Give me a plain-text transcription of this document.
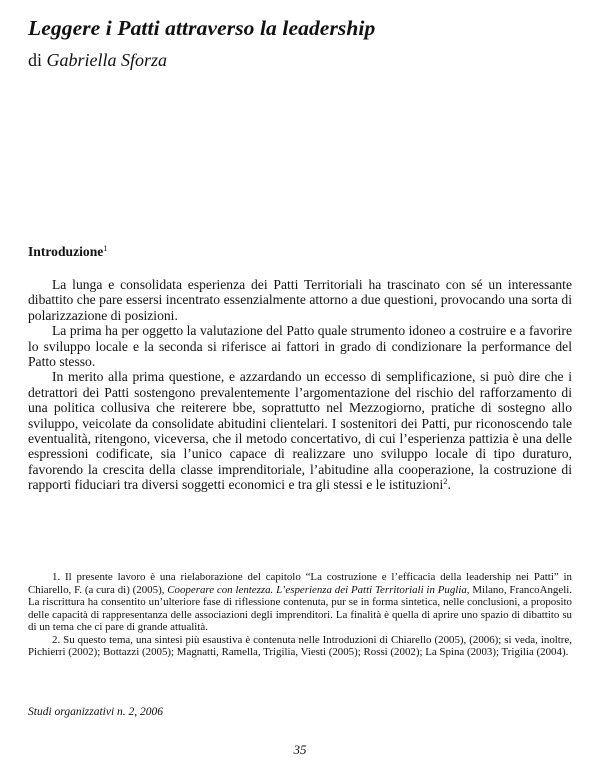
Leggere i Patti attraverso la leadership

di Gabriella Sforza

Introduzione$^1$

La lunga e consolidata esperienza dei Patti Territoriali ha trascinato con sé un interessante dibattito che pare essersi incentrato essenzialmente attorno a due questioni, provocando una sorta di polarizzazione di posizioni.

La prima ha per oggetto la valutazione del Patto quale strumento idoneo a costruire e a favorire lo sviluppo locale e la seconda si riferisce ai fattori in grado di condizionare la performance del Patto stesso.

In merito alla prima questione, e azzardando un eccesso di semplificazione, si può dire che i detrattori dei Patti sostengono prevalentemente l’argomentazione del rischio del rafforzamento di una politica collusiva che reiterere bbe, soprattutto nel Mezzogiorno, pratiche di sostegno allo sviluppo, veicolate da consolidate abitudini clientelari. I sostenitori dei Patti, pur riconoscendo tale eventualità, ritengono, viceversa, che il metodo concertativo, di cui l’esperienza pattizia è una delle espressioni codificate, sia l’unico capace di realizzare uno sviluppo locale di tipo duraturo, favorendo la crescita della classe imprenditoriale, l’abitudine alla cooperazione, la costruzione di rapporti fiduciari tra diversi soggetti economici e tra gli stessi e le istituzioni$^2$.

1. Il presente lavoro è una rielaborazione del capitolo “La costruzione e l’efficacia della leadership nei Patti” in Chiarello, F. (a cura di) (2005), Cooperare con lentezza. L’esperienza dei Patti Territoriali in Puglia, Milano, FrancoAngeli. La riscrittura ha consentito un’ulteriore fase di riflessione contenuta, pur se in forma sintetica, nelle conclusioni, a proposito delle capacità di rappresentanza delle associazioni degli imprenditori. La finalità è quella di aprire uno spazio di dibattito su di un tema che ci pare di grande attualità.

2. Su questo tema, una sintesi più esaustiva è contenuta nelle Introduzioni di Chiarello (2005), (2006); si veda, inoltre, Pichierri (2002); Bottazzi (2005); Magnatti, Ramella, Trigilia, Viesti (2005); Rossi (2002); La Spina (2003); Trigilia (2004).

Studi organizzativi n. 2, 2006

35
